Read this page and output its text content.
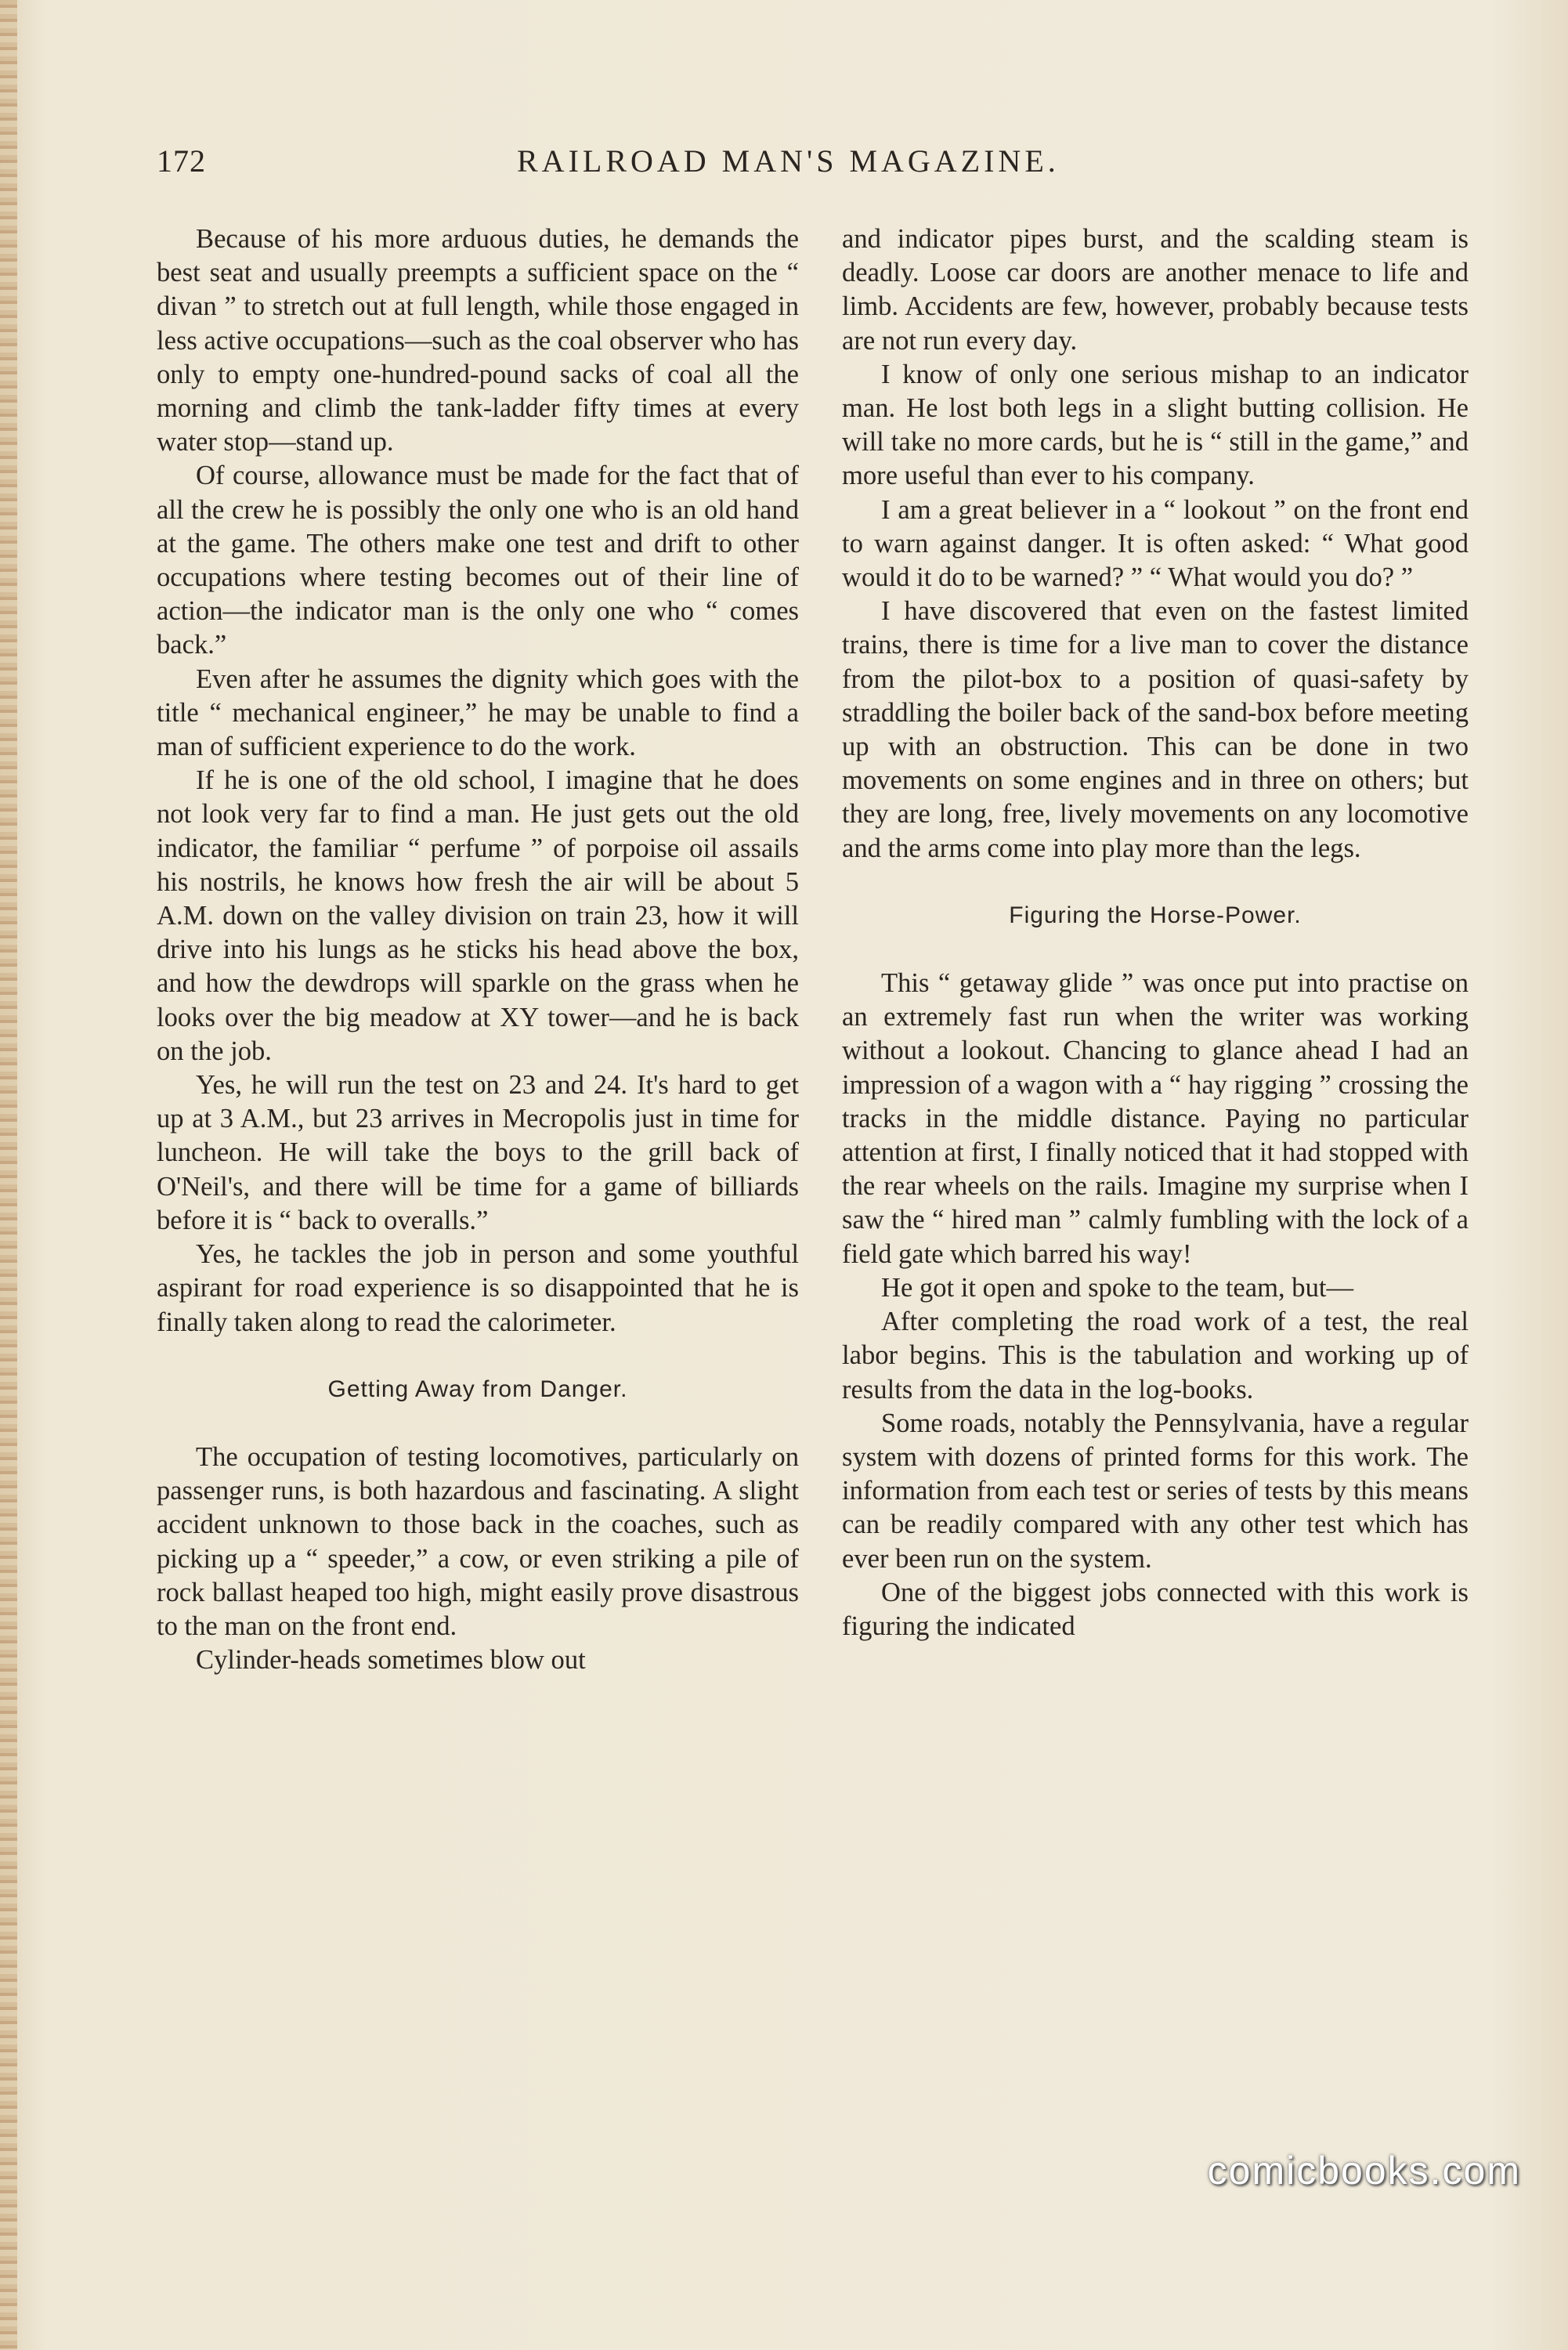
172	RAILROAD MAN'S MAGAZINE.

Because of his more arduous duties, he demands the best seat and usually preempts a sufficient space on the “ divan ” to stretch out at full length, while those engaged in less active occupations—such as the coal observer who has only to empty one-hundred-pound sacks of coal all the morning and climb the tank-ladder fifty times at every water stop—stand up.

Of course, allowance must be made for the fact that of all the crew he is possibly the only one who is an old hand at the game. The others make one test and drift to other occupations where testing becomes out of their line of action—the indicator man is the only one who “ comes back.”

Even after he assumes the dignity which goes with the title “ mechanical engineer,” he may be unable to find a man of sufficient experience to do the work.

If he is one of the old school, I imagine that he does not look very far to find a man. He just gets out the old indicator, the familiar “ perfume ” of porpoise oil assails his nostrils, he knows how fresh the air will be about 5 A.M. down on the valley division on train 23, how it will drive into his lungs as he sticks his head above the box, and how the dewdrops will sparkle on the grass when he looks over the big meadow at XY tower—and he is back on the job.

Yes, he will run the test on 23 and 24. It's hard to get up at 3 A.M., but 23 arrives in Mecropolis just in time for luncheon. He will take the boys to the grill back of O'Neil's, and there will be time for a game of billiards before it is “ back to overalls.”

Yes, he tackles the job in person and some youthful aspirant for road experience is so disappointed that he is finally taken along to read the calorimeter.

Getting Away from Danger.

The occupation of testing locomotives, particularly on passenger runs, is both hazardous and fascinating. A slight accident unknown to those back in the coaches, such as picking up a “ speeder,” a cow, or even striking a pile of rock ballast heaped too high, might easily prove disastrous to the man on the front end.

Cylinder-heads sometimes blow out

and indicator pipes burst, and the scalding steam is deadly. Loose car doors are another menace to life and limb. Accidents are few, however, probably because tests are not run every day.

I know of only one serious mishap to an indicator man. He lost both legs in a slight butting collision. He will take no more cards, but he is “ still in the game,” and more useful than ever to his company.

I am a great believer in a “ lookout ” on the front end to warn against danger. It is often asked: “ What good would it do to be warned? ” “ What would you do? ”

I have discovered that even on the fastest limited trains, there is time for a live man to cover the distance from the pilot-box to a position of quasi-safety by straddling the boiler back of the sand-box before meeting up with an obstruction. This can be done in two movements on some engines and in three on others; but they are long, free, lively movements on any locomotive and the arms come into play more than the legs.

Figuring the Horse-Power.

This “ getaway glide ” was once put into practise on an extremely fast run when the writer was working without a lookout. Chancing to glance ahead I had an impression of a wagon with a “ hay rigging ” crossing the tracks in the middle distance. Paying no particular attention at first, I finally noticed that it had stopped with the rear wheels on the rails. Imagine my surprise when I saw the “ hired man ” calmly fumbling with the lock of a field gate which barred his way!

He got it open and spoke to the team, but—

After completing the road work of a test, the real labor begins. This is the tabulation and working up of results from the data in the log-books.

Some roads, notably the Pennsylvania, have a regular system with dozens of printed forms for this work. The information from each test or series of tests by this means can be readily compared with any other test which has ever been run on the system.

One of the biggest jobs connected with this work is figuring the indicated

comicbooks.com
